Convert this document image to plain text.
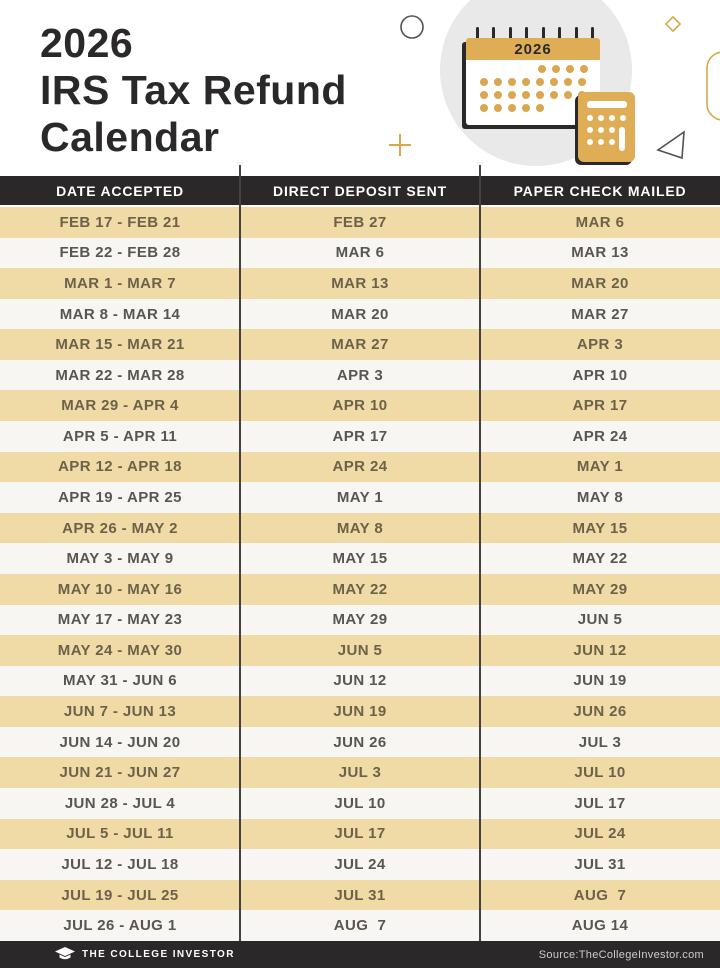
2026
2026
IRS Tax Refund
Calendar
DATE ACCEPTED	DIRECT DEPOSIT SENT	PAPER CHECK MAILED
FEB 17 - FEB 21	FEB 27	MAR 6
FEB 22 - FEB 28	MAR 6	MAR 13
MAR 1 - MAR 7	MAR 13	MAR 20
MAR 8 - MAR 14	MAR 20	MAR 27
MAR 15 - MAR 21	MAR 27	APR 3
MAR 22 - MAR 28	APR 3	APR 10
MAR 29 - APR 4	APR 10	APR 17
APR 5 - APR 11	APR 17	APR 24
APR 12 - APR 18	APR 24	MAY 1
APR 19 - APR 25	MAY 1	MAY 8
APR 26 - MAY 2	MAY 8	MAY 15
MAY 3 - MAY 9	MAY 15	MAY 22
MAY 10 - MAY 16	MAY 22	MAY 29
MAY 17 - MAY 23	MAY 29	JUN 5
MAY 24 - MAY 30	JUN 5	JUN 12
MAY 31 - JUN 6	JUN 12	JUN 19
JUN 7 - JUN 13	JUN 19	JUN 26
JUN 14 - JUN 20	JUN 26	JUL 3
JUN 21 - JUN 27	JUL 3	JUL 10
JUN 28 - JUL 4	JUL 10	JUL 17
JUL 5 - JUL 11	JUL 17	JUL 24
JUL 12 - JUL 18	JUL 24	JUL 31
JUL 19 - JUL 25	JUL 31	AUG  7
JUL 26 - AUG 1	AUG  7	AUG 14
THE COLLEGE INVESTOR	Source:TheCollegeInvestor.com
